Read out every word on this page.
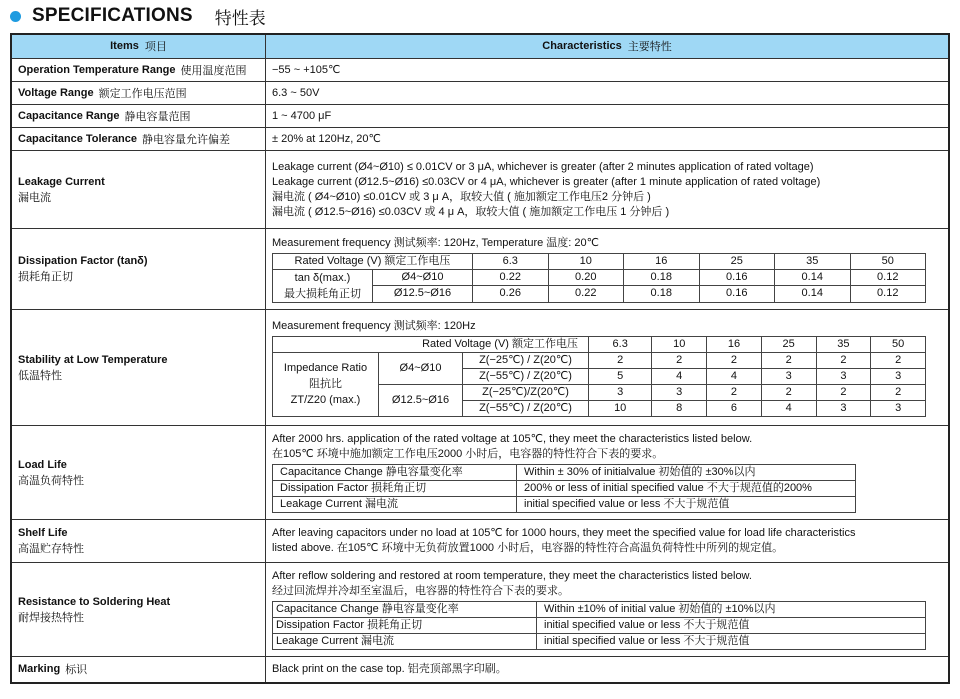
SPECIFICATIONS 特性表
Items 项目	Characteristics 主要特性
Operation Temperature Range 使用温度范围 −55 ~ +105℃
Voltage Range 额定工作电压范围	6.3 ~ 50V
Capacitance Range 静电容量范围	1 ~ 4700 μF
Capacitance Tolerance 静电容量允许偏差	± 20% at 120Hz, 20℃
Leakage Current
漏电流
Leakage current (Ø4~Ø10) ≤ 0.01CV or 3 μA, whichever is greater (after 2 minutes application of rated voltage)
Leakage current (Ø12.5~Ø16) ≤0.03CV or 4 μA, whichever is greater (after 1 minute application of rated voltage)
漏电流 ( Ø4~Ø10) ≤0.01CV 或 3 μ A，取较大值 ( 施加额定工作电压2 分钟后 )
漏电流 ( Ø12.5~Ø16) ≤0.03CV 或 4 μ A，取较大值 ( 施加额定工作电压 1 分钟后 )
Dissipation Factor (tanδ)
损耗角正切
Measurement frequency 测试频率: 120Hz, Temperature 温度: 20℃
Rated Voltage (V) 额定工作电压		6.3	10	16	25	35	50
tan δ(max.)
最大损耗角正切	Ø4~Ø10	0.22	0.20	0.18	0.16	0.14	0.12
	Ø12.5~Ø16	0.26	0.22	0.18	0.16	0.14	0.12
Stability at Low Temperature
低温特性
Measurement frequency 测试频率: 120Hz
Rated Voltage (V) 额定工作电压			6.3	10	16	25	35	50
Impedance Ratio
阻抗比
ZT/Z20 (max.)	Ø4~Ø10	Z(−25℃) / Z(20℃)	2	2	2	2	2	2
		Z(−55℃) / Z(20℃)	5	4	4	3	3	3
	Ø12.5~Ø16	Z(−25℃)/Z(20℃)	3	3	2	2	2	2
		Z(−55℃) / Z(20℃)	10	8	6	4	3	3
Load Life
高温负荷特性
After 2000 hrs. application of the rated voltage at 105℃, they meet the characteristics listed below.
在105℃ 环境中施加额定工作电压2000 小时后，电容器的特性符合下表的要求。
Capacitance Change 静电容量变化率	Within ± 30% of initialvalue 初始值的 ±30%以内
Dissipation Factor 损耗角正切	200% or less of initial specified value 不大于规范值的200%
Leakage Current 漏电流	initial specified value or less 不大于规范值
Shelf Life
高温贮存特性
After leaving capacitors under no load at 105℃ for 1000 hours, they meet the specified value for load life characteristics
listed above. 在105℃ 环境中无负荷放置1000 小时后，电容器的特性符合高温负荷特性中所列的规定值。
Resistance to Soldering Heat
耐焊接热特性
After reflow soldering and restored at room temperature, they meet the characteristics listed below.
经过回流焊并冷却至室温后，电容器的特性符合下表的要求。
Capacitance Change 静电容量变化率	Within ±10% of initial value 初始值的 ±10%以内
Dissipation Factor 损耗角正切	initial specified value or less 不大于规范值
Leakage Current 漏电流	initial specified value or less 不大于规范值
Marking 标识	Black print on the case top. 铝壳顶部黑字印刷。
